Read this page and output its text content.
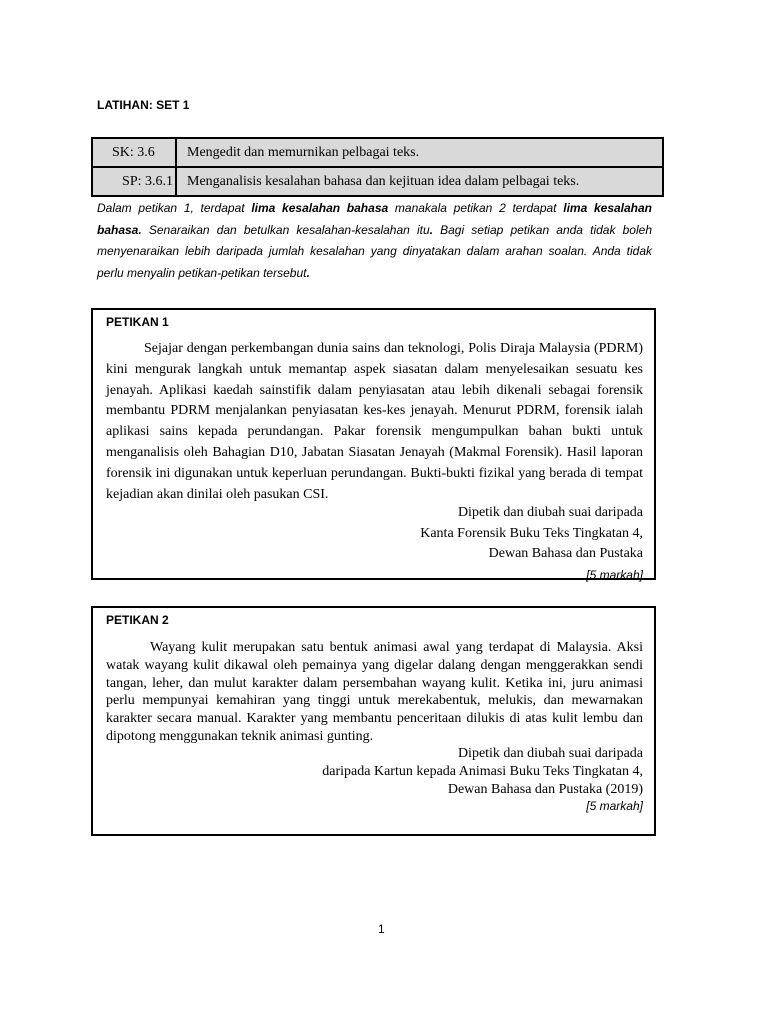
LATIHAN: SET 1
SK: 3.6	Mengedit dan memurnikan pelbagai teks.
SP: 3.6.1	Menganalisis kesalahan bahasa dan kejituan idea dalam pelbagai teks.
Dalam petikan 1, terdapat lima kesalahan bahasa manakala petikan 2 terdapat lima kesalahan bahasa. Senaraikan dan betulkan kesalahan-kesalahan itu. Bagi setiap petikan anda tidak boleh menyenaraikan lebih daripada jumlah kesalahan yang dinyatakan dalam arahan soalan. Anda tidak perlu menyalin petikan-petikan tersebut.
PETIKAN 1
Sejajar dengan perkembangan dunia sains dan teknologi, Polis Diraja Malaysia (PDRM) kini mengurak langkah untuk memantap aspek siasatan dalam menyelesaikan sesuatu kes jenayah. Aplikasi kaedah sainstifik dalam penyiasatan atau lebih dikenali sebagai forensik membantu PDRM menjalankan penyiasatan kes-kes jenayah. Menurut PDRM, forensik ialah aplikasi sains kepada perundangan. Pakar forensik mengumpulkan bahan bukti untuk menganalisis oleh Bahagian D10, Jabatan Siasatan Jenayah (Makmal Forensik). Hasil laporan forensik ini digunakan untuk keperluan perundangan. Bukti-bukti fizikal yang berada di tempat kejadian akan dinilai oleh pasukan CSI.
Dipetik dan diubah suai daripada
Kanta Forensik Buku Teks Tingkatan 4,
Dewan Bahasa dan Pustaka
[5 markah]
PETIKAN 2
Wayang kulit merupakan satu bentuk animasi awal yang terdapat di Malaysia. Aksi watak wayang kulit dikawal oleh pemainya yang digelar dalang dengan menggerakkan sendi tangan, leher, dan mulut karakter dalam persembahan wayang kulit. Ketika ini, juru animasi perlu mempunyai kemahiran yang tinggi untuk merekabentuk, melukis, dan mewarnakan karakter secara manual. Karakter yang membantu penceritaan dilukis di atas kulit lembu dan dipotong menggunakan teknik animasi gunting.
Dipetik dan diubah suai daripada
daripada Kartun kepada Animasi Buku Teks Tingkatan 4,
Dewan Bahasa dan Pustaka (2019)
[5 markah]
1
